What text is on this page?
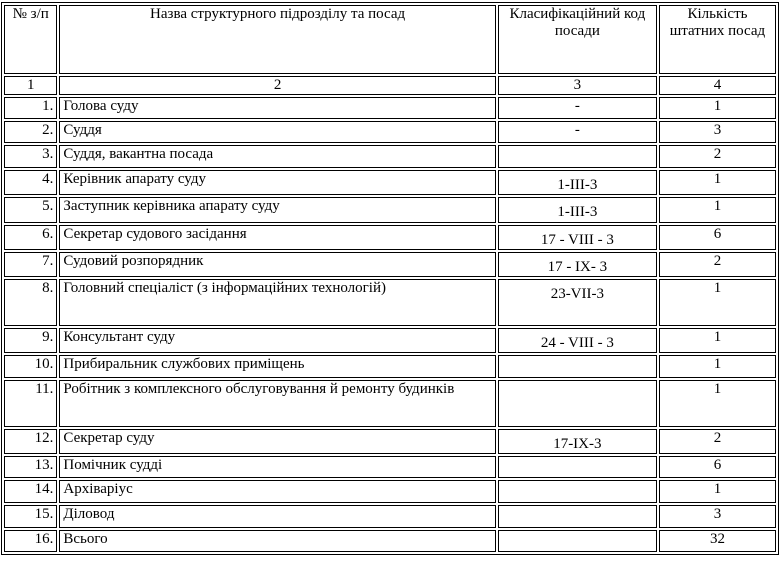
№ з/п	Назва структурного підрозділу та посад	Класифікаційний код посади	Кількість штатних посад
1	2	3	4
1.	Голова суду	-	1
2.	Суддя	-	3
3.	Суддя, вакантна посада		2
4.	Керівник апарату суду	1-ІІІ-3	1
5.	Заступник керівника апарату суду	1-ІІІ-3	1
6.	Секретар судового засідання	17 - VIII - 3	6
7.	Судовий розпорядник	17 - IX- 3	2
8.	Головний спеціаліст (з інформаційних технологій)	23-VII-3	1
9.	Консультант суду	24 - VIII - 3	1
10.	Прибиральник службових приміщень		1
11.	Робітник з комплексного обслуговування й ремонту будинків		1
12.	Секретар суду	17-IX-3	2
13.	Помічник судді		6
14.	Архіваріус		1
15.	Діловод		3
16.	Всього		32
